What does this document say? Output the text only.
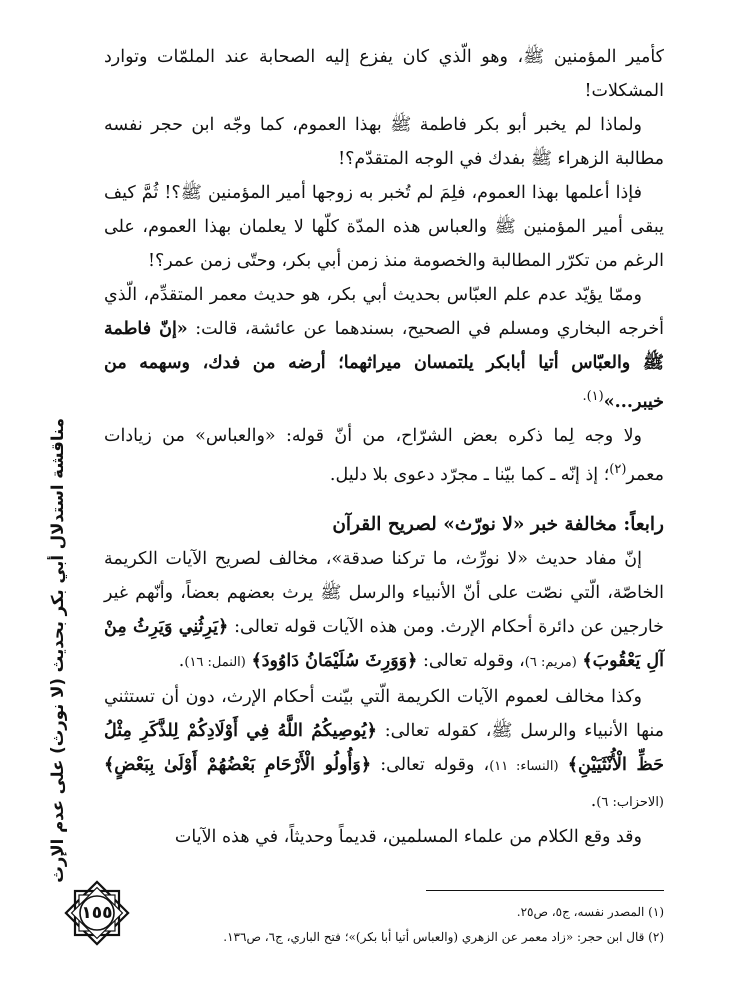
كأمير المؤمنين ﷺ، وهو الّذي كان يفزع إليه الصحابة عند الملمّات وتوارد المشكلات!

ولماذا لم يخبر أبو بكر فاطمة ﷺ بهذا العموم، كما وجّه ابن حجر نفسه مطالبة الزهراء ﷺ بفدك في الوجه المتقدّم؟!

فإذا أعلمها بهذا العموم، فلِمَ لم تُخبر به زوجها أمير المؤمنين ﷺ؟! ثُمَّ كيف يبقى أمير المؤمنين ﷺ والعباس هذه المدّة كلّها لا يعلمان بهذا العموم، على الرغم من تكرّر المطالبة والخصومة منذ زمن أبي بكر، وحتّى زمن عمر؟!

وممّا يؤيّد عدم علم العبّاس بحديث أبي بكر، هو حديث معمر المتقدِّم، الّذي أخرجه البخاري ومسلم في الصحيح، بسندهما عن عائشة، قالت: «إنّ فاطمة ﷺ والعبّاس أتيا أبابكر يلتمسان ميراثهما؛ أرضه من فدك، وسهمه من خيبر...»$^{(١).}$

ولا وجه لِما ذكره بعض الشرّاح، من أنّ قوله: «والعباس» من زيادات معمر$^{(٢)}$؛ إذ إنّه ـ كما بيّنا ـ مجرّد دعوى بلا دليل.

رابعاً: مخالفة خبر «لا نورّث» لصريح القرآن

إنّ مفاد حديث «لا نورِّث، ما تركنا صدقة»، مخالف لصريح الآيات الكريمة الخاصّة، الّتي نصّت على أنّ الأنبياء والرسل ﷺ يرث بعضهم بعضاً، وأنّهم غير خارجين عن دائرة أحكام الإرث. ومن هذه الآيات قوله تعالى: ﴿يَرِثُنِي وَيَرِثُ مِنْ آلِ يَعْقُوبَ﴾ (مريم: ٦)، وقوله تعالى: ﴿وَوَرِثَ سُلَيْمَانُ دَاوُودَ﴾ (النمل: ١٦).

وكذا مخالف لعموم الآيات الكريمة الّتي بيّنت أحكام الإرث، دون أن تستثني منها الأنبياء والرسل ﷺ، كقوله تعالى: ﴿يُوصِيكُمُ اللَّهُ فِي أَوْلَادِكُمْ لِلذَّكَرِ مِثْلُ حَظِّ الْأُنْثَيَيْنِ﴾ (النساء: ١١)، وقوله تعالى: ﴿وَأُولُو الْأَرْحَامِ بَعْضُهُمْ أَوْلَىٰ بِبَعْضٍ﴾ (الاحزاب: ٦).

وقد وقع الكلام من علماء المسلمين، قديماً وحديثاً، في هذه الآيات

مناقشة استدلال أبي بكر بحديث (لا نورث) على عدم الإرث
١٥٥	(١) المصدر نفسه، ج٥، ص٢٥.

(٢) قال ابن حجر: «زاد معمر عن الزهري (والعباس أتيا أبا بكر)»؛ فتح الباري، ج٦، ص١٣٦.
